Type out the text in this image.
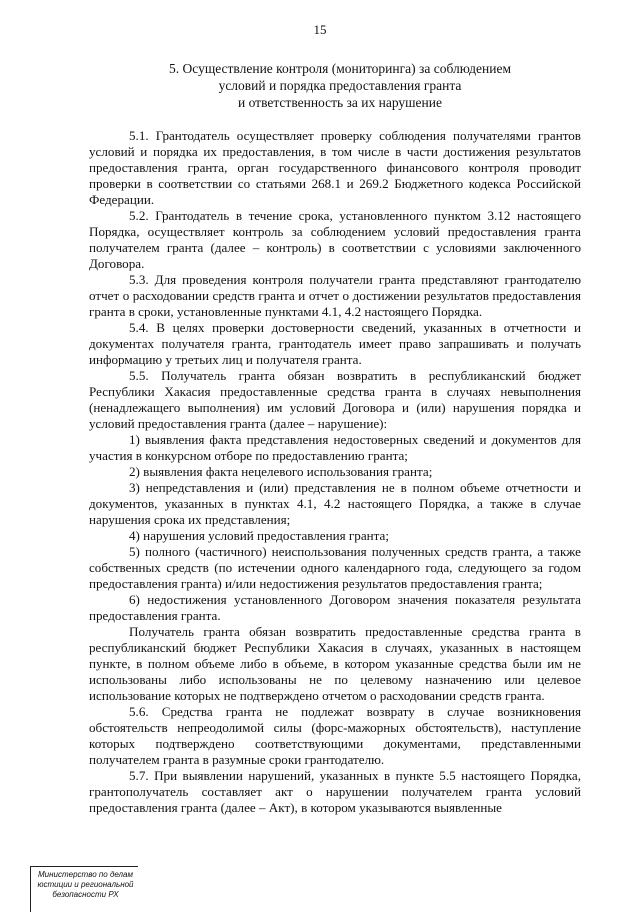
15
5. Осуществление контроля (мониторинга) за соблюдением
условий и порядка предоставления гранта
и ответственность за их нарушение

5.1. Грантодатель осуществляет проверку соблюдения получателями грантов условий и порядка их предоставления, в том числе в части достижения результатов предоставления гранта, орган государственного финансового контроля проводит проверки в соответствии со статьями 268.1 и 269.2 Бюджетного кодекса Российской Федерации.

5.2. Грантодатель в течение срока, установленного пунктом 3.12 настоящего Порядка, осуществляет контроль за соблюдением условий предоставления гранта получателем гранта (далее – контроль) в соответствии с условиями заключенного Договора.

5.3. Для проведения контроля получатели гранта представляют грантодателю отчет о расходовании средств гранта и отчет о достижении результатов предоставления гранта в сроки, установленные пунктами 4.1, 4.2 настоящего Порядка.

5.4. В целях проверки достоверности сведений, указанных в отчетности и документах получателя гранта, грантодатель имеет право запрашивать и получать информацию у третьих лиц и получателя гранта.

5.5. Получатель гранта обязан возвратить в республиканский бюджет Республики Хакасия предоставленные средства гранта в случаях невыполнения (ненадлежащего выполнения) им условий Договора и (или) нарушения порядка и условий предоставления гранта (далее – нарушение):

1) выявления факта представления недостоверных сведений и документов для участия в конкурсном отборе по предоставлению гранта;

2) выявления факта нецелевого использования гранта;

3) непредставления и (или) представления не в полном объеме отчетности и документов, указанных в пунктах 4.1, 4.2 настоящего Порядка, а также в случае нарушения срока их представления;

4) нарушения условий предоставления гранта;

5) полного (частичного) неиспользования полученных средств гранта, а также собственных средств (по истечении одного календарного года, следующего за годом предоставления гранта) и/или недостижения результатов предоставления гранта;

6) недостижения установленного Договором значения показателя результата предоставления гранта.

Получатель гранта обязан возвратить предоставленные средства гранта в республиканский бюджет Республики Хакасия в случаях, указанных в настоящем пункте, в полном объеме либо в объеме, в котором указанные средства были им не использованы либо использованы не по целевому назначению или целевое использование которых не подтверждено отчетом о расходовании средств гранта.

5.6. Средства гранта не подлежат возврату в случае возникновения обстоятельств непреодолимой силы (форс-мажорных обстоятельств), наступление которых подтверждено соответствующими документами, представленными получателем гранта в разумные сроки грантодателю.

5.7. При выявлении нарушений, указанных в пункте 5.5 настоящего Порядка, грантополучатель составляет акт о нарушении получателем гранта условий предоставления гранта (далее – Акт), в котором указываются выявленные

Министерство по делам
юстиции и региональной
безопасности РХ
